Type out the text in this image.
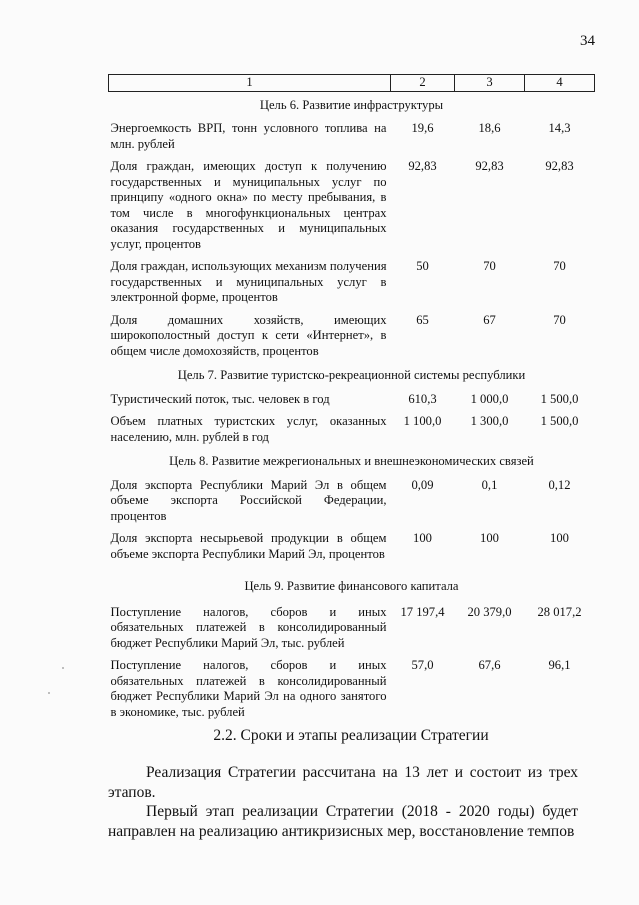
34
1	2	3	4
Цель 6. Развитие инфраструктуры			
Энергоемкость ВРП, тонн условного топлива на млн. рублей	19,6	18,6	14,3
Доля граждан, имеющих доступ к получению государственных и муниципальных услуг по принципу «одного окна» по месту пребывания, в том числе в многофункциональных центрах оказания государственных и муниципальных услуг, процентов	92,83	92,83	92,83
Доля граждан, использующих механизм получения государственных и муниципальных услуг в электронной форме, процентов	50	70	70
Доля домашних хозяйств, имеющих широкополостный доступ к сети «Интернет», в общем числе домохозяйств, процентов	65	67	70
Цель 7. Развитие туристско-рекреационной системы республики			
Туристический поток, тыс. человек в год	610,3	1 000,0	1 500,0
Объем платных туристских услуг, оказанных населению, млн. рублей в год	1 100,0	1 300,0	1 500,0
Цель 8. Развитие межрегиональных и внешнеэкономических связей			
Доля экспорта Республики Марий Эл в общем объеме экспорта Российской Федерации, процентов	0,09	0,1	0,12
Доля экспорта несырьевой продукции в общем объеме экспорта Республики Марий Эл, процентов	100	100	100
Цель 9. Развитие финансового капитала			
Поступление налогов, сборов и иных обязательных платежей в консолидированный бюджет Республики Марий Эл, тыс. рублей	17 197,4	20 379,0	28 017,2
Поступление налогов, сборов и иных обязательных платежей в консолидированный бюджет Республики Марий Эл на одного занятого в экономике, тыс. рублей	57,0	67,6	96,1
2.2. Сроки и этапы реализации Стратегии
Реализация Стратегии рассчитана на 13 лет и состоит из трех этапов.
Первый этап реализации Стратегии (2018 - 2020 годы) будет направлен на реализацию антикризисных мер, восстановление темпов
